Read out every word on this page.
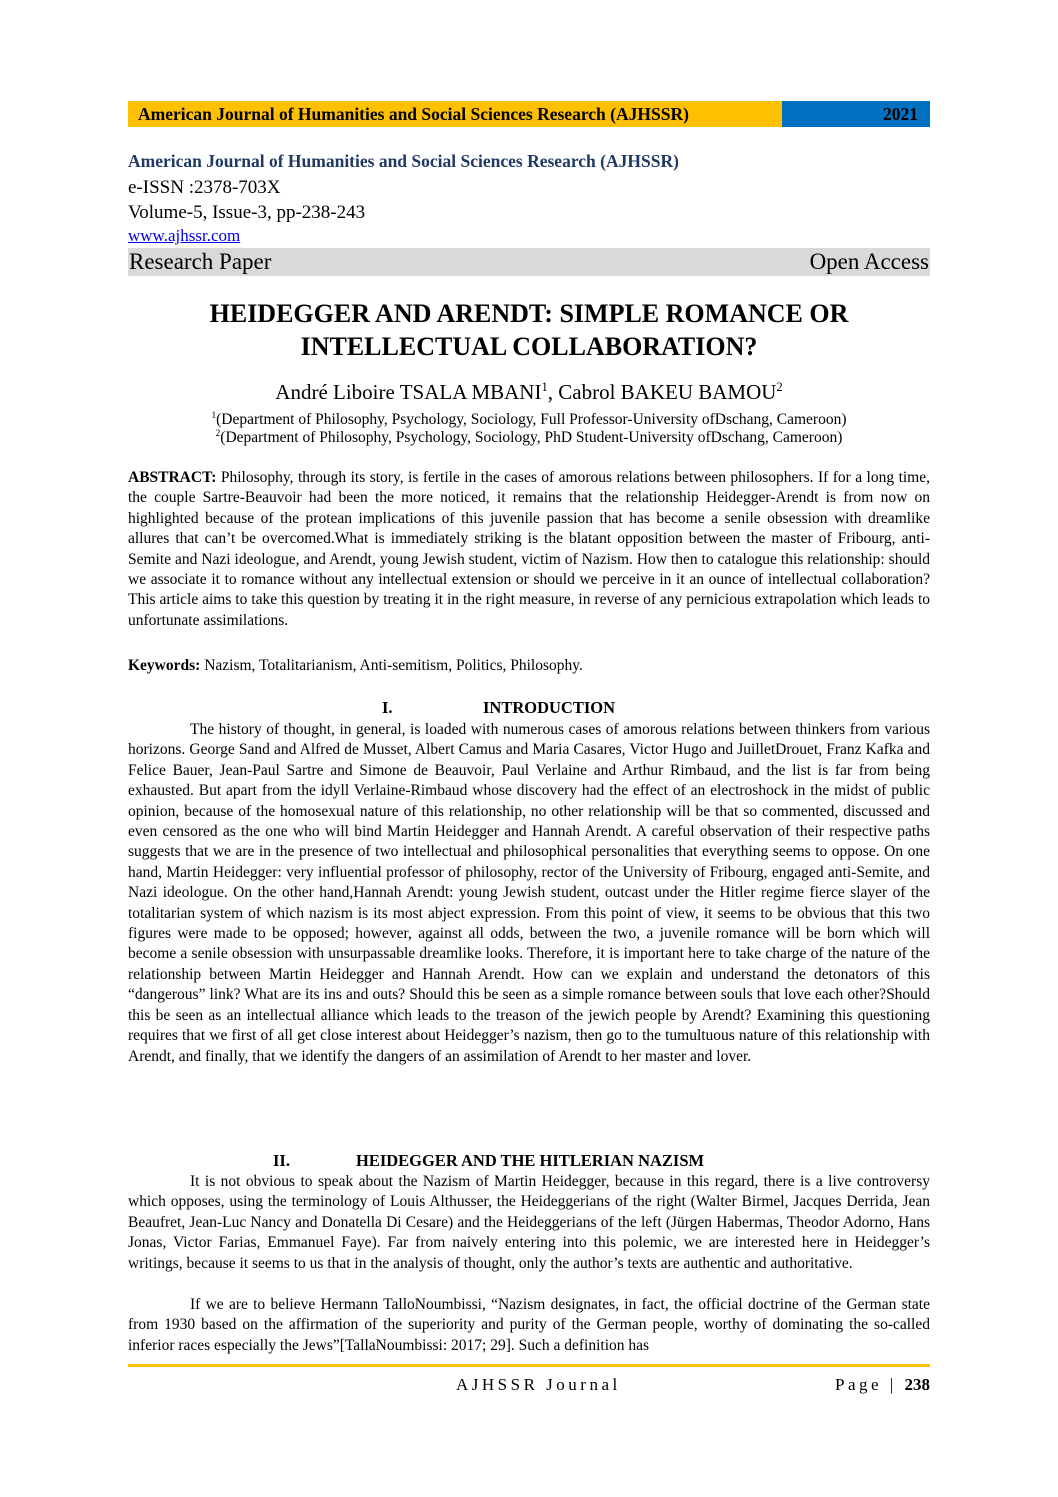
American Journal of Humanities and Social Sciences Research (AJHSSR)	2021
American Journal of Humanities and Social Sciences Research (AJHSSR)
e-ISSN :2378-703X
Volume-5, Issue-3, pp-238-243
www.ajhssr.com
Research Paper	Open Access
HEIDEGGER AND ARENDT: SIMPLE ROMANCE OR
INTELLECTUAL COLLABORATION?
André Liboire TSALA MBANI$^1$, Cabrol BAKEU BAMOU$^2$
$^1$(Department of Philosophy, Psychology, Sociology, Full Professor-University ofDschang, Cameroon)
$^2$(Department of Philosophy, Psychology, Sociology, PhD Student-University ofDschang, Cameroon)
ABSTRACT: Philosophy, through its story, is fertile in the cases of amorous relations between philosophers. If for a long time, the couple Sartre-Beauvoir had been the more noticed, it remains that the relationship Heidegger-Arendt is from now on highlighted because of the protean implications of this juvenile passion that has become a senile obsession with dreamlike allures that can’t be overcomed.What is immediately striking is the blatant opposition between the master of Fribourg, anti-Semite and Nazi ideologue, and Arendt, young Jewish student, victim of Nazism. How then to catalogue this relationship: should we associate it to romance without any intellectual extension or should we perceive in it an ounce of intellectual collaboration? This article aims to take this question by treating it in the right measure, in reverse of any pernicious extrapolation which leads to unfortunate assimilations.
Keywords: Nazism, Totalitarianism, Anti-semitism, Politics, Philosophy.
I.	INTRODUCTION
The history of thought, in general, is loaded with numerous cases of amorous relations between thinkers from various horizons. George Sand and Alfred de Musset, Albert Camus and Maria Casares, Victor Hugo and JuilletDrouet, Franz Kafka and Felice Bauer, Jean-Paul Sartre and Simone de Beauvoir, Paul Verlaine and Arthur Rimbaud, and the list is far from being exhausted. But apart from the idyll Verlaine-Rimbaud whose discovery had the effect of an electroshock in the midst of public opinion, because of the homosexual nature of this relationship, no other relationship will be that so commented, discussed and even censored as the one who will bind Martin Heidegger and Hannah Arendt. A careful observation of their respective paths suggests that we are in the presence of two intellectual and philosophical personalities that everything seems to oppose. On one hand, Martin Heidegger: very influential professor of philosophy, rector of the University of Fribourg, engaged anti-Semite, and Nazi ideologue. On the other hand,Hannah Arendt: young Jewish student, outcast under the Hitler regime fierce slayer of the totalitarian system of which nazism is its most abject expression. From this point of view, it seems to be obvious that this two figures were made to be opposed; however, against all odds, between the two, a juvenile romance will be born which will become a senile obsession with unsurpassable dreamlike looks. Therefore, it is important here to take charge of the nature of the relationship between Martin Heidegger and Hannah Arendt. How can we explain and understand the detonators of this “dangerous” link? What are its ins and outs? Should this be seen as a simple romance between souls that love each other?Should this be seen as an intellectual alliance which leads to the treason of the jewich people by Arendt? Examining this questioning requires that we first of all get close interest about Heidegger’s nazism, then go to the tumultuous nature of this relationship with Arendt, and finally, that we identify the dangers of an assimilation of Arendt to her master and lover.
II.	HEIDEGGER AND THE HITLERIAN NAZISM
It is not obvious to speak about the Nazism of Martin Heidegger, because in this regard, there is a live controversy which opposes, using the terminology of Louis Althusser, the Heideggerians of the right (Walter Birmel, Jacques Derrida, Jean Beaufret, Jean-Luc Nancy and Donatella Di Cesare) and the Heideggerians of the left (Jürgen Habermas, Theodor Adorno, Hans Jonas, Victor Farias, Emmanuel Faye). Far from naively entering into this polemic, we are interested here in Heidegger’s writings, because it seems to us that in the analysis of thought, only the author’s texts are authentic and authoritative.
If we are to believe Hermann TalloNoumbissi, “Nazism designates, in fact, the official doctrine of the German state from 1930 based on the affirmation of the superiority and purity of the German people, worthy of dominating the so-called inferior races especially the Jews”[TallaNoumbissi: 2017; 29]. Such a definition has
AJHSSR Journal	Page | 238
